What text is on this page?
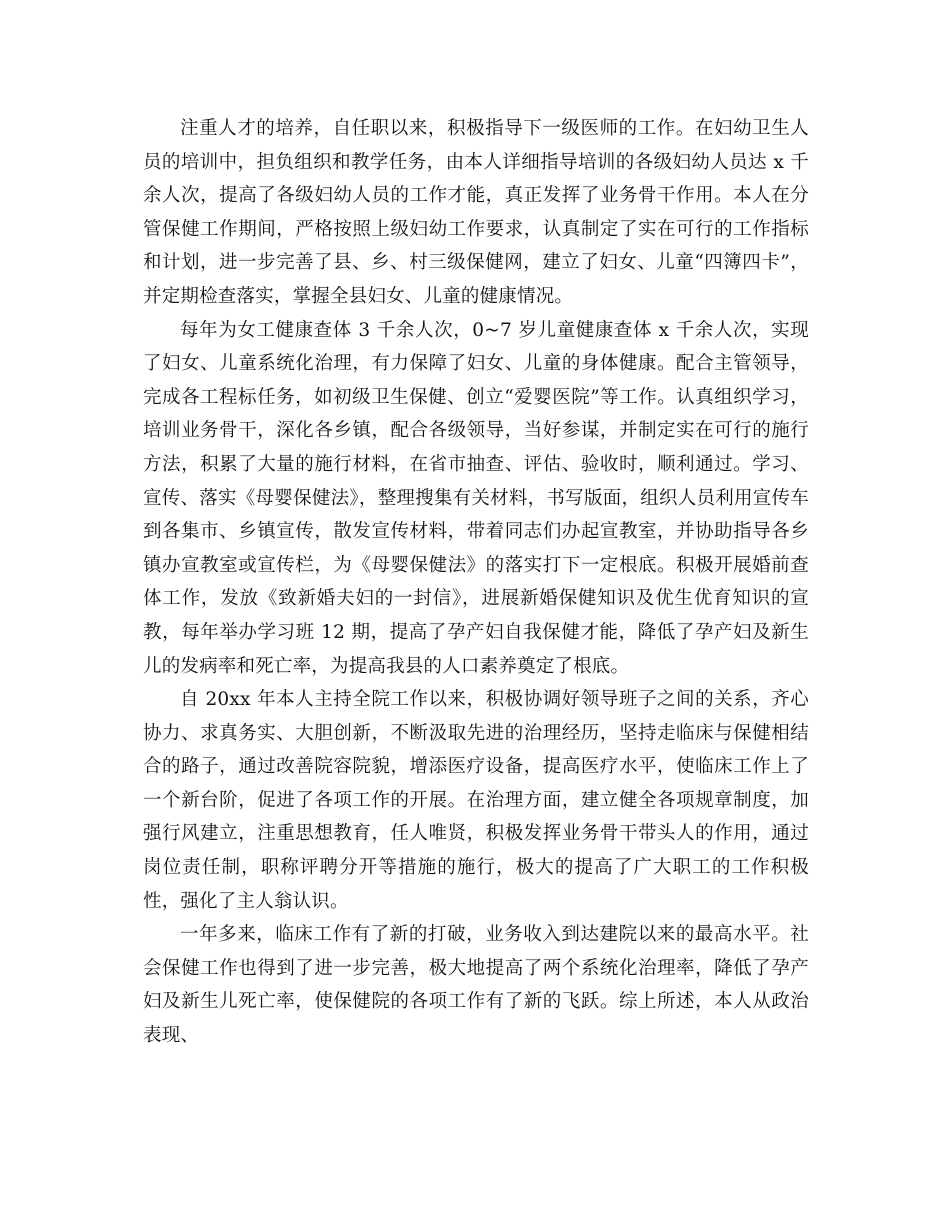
注重人才的培养，自任职以来，积极指导下一级医师的工作。在妇幼卫生人员的培训中，担负组织和教学任务，由本人详细指导培训的各级妇幼人员达 x 千余人次，提高了各级妇幼人员的工作才能，真正发挥了业务骨干作用。本人在分管保健工作期间，严格按照上级妇幼工作要求，认真制定了实在可行的工作指标和计划，进一步完善了县、乡、村三级保健网，建立了妇女、儿童“四簿四卡”，并定期检查落实，掌握全县妇女、儿童的健康情况。

每年为女工健康查体 3 千余人次，0~7 岁儿童健康查体 x 千余人次，实现了妇女、儿童系统化治理，有力保障了妇女、儿童的身体健康。配合主管领导，完成各工程标任务，如初级卫生保健、创立“爱婴医院”等工作。认真组织学习，培训业务骨干，深化各乡镇，配合各级领导，当好参谋，并制定实在可行的施行方法，积累了大量的施行材料，在省市抽查、评估、验收时，顺利通过。学习、宣传、落实《母婴保健法》，整理搜集有关材料，书写版面，组织人员利用宣传车到各集市、乡镇宣传，散发宣传材料，带着同志们办起宣教室，并协助指导各乡镇办宣教室或宣传栏，为《母婴保健法》的落实打下一定根底。积极开展婚前查体工作，发放《致新婚夫妇的一封信》，进展新婚保健知识及优生优育知识的宣教，每年举办学习班 12 期，提高了孕产妇自我保健才能，降低了孕产妇及新生儿的发病率和死亡率，为提高我县的人口素养奠定了根底。

自 20xx 年本人主持全院工作以来，积极协调好领导班子之间的关系，齐心协力、求真务实、大胆创新，不断汲取先进的治理经历，坚持走临床与保健相结合的路子，通过改善院容院貌，增添医疗设备，提高医疗水平，使临床工作上了一个新台阶，促进了各项工作的开展。在治理方面，建立健全各项规章制度，加强行风建立，注重思想教育，任人唯贤，积极发挥业务骨干带头人的作用，通过岗位责任制，职称评聘分开等措施的施行，极大的提高了广大职工的工作积极性，强化了主人翁认识。

一年多来，临床工作有了新的打破，业务收入到达建院以来的最高水平。社会保健工作也得到了进一步完善，极大地提高了两个系统化治理率，降低了孕产妇及新生儿死亡率，使保健院的各项工作有了新的飞跃。综上所述，本人从政治表现、
